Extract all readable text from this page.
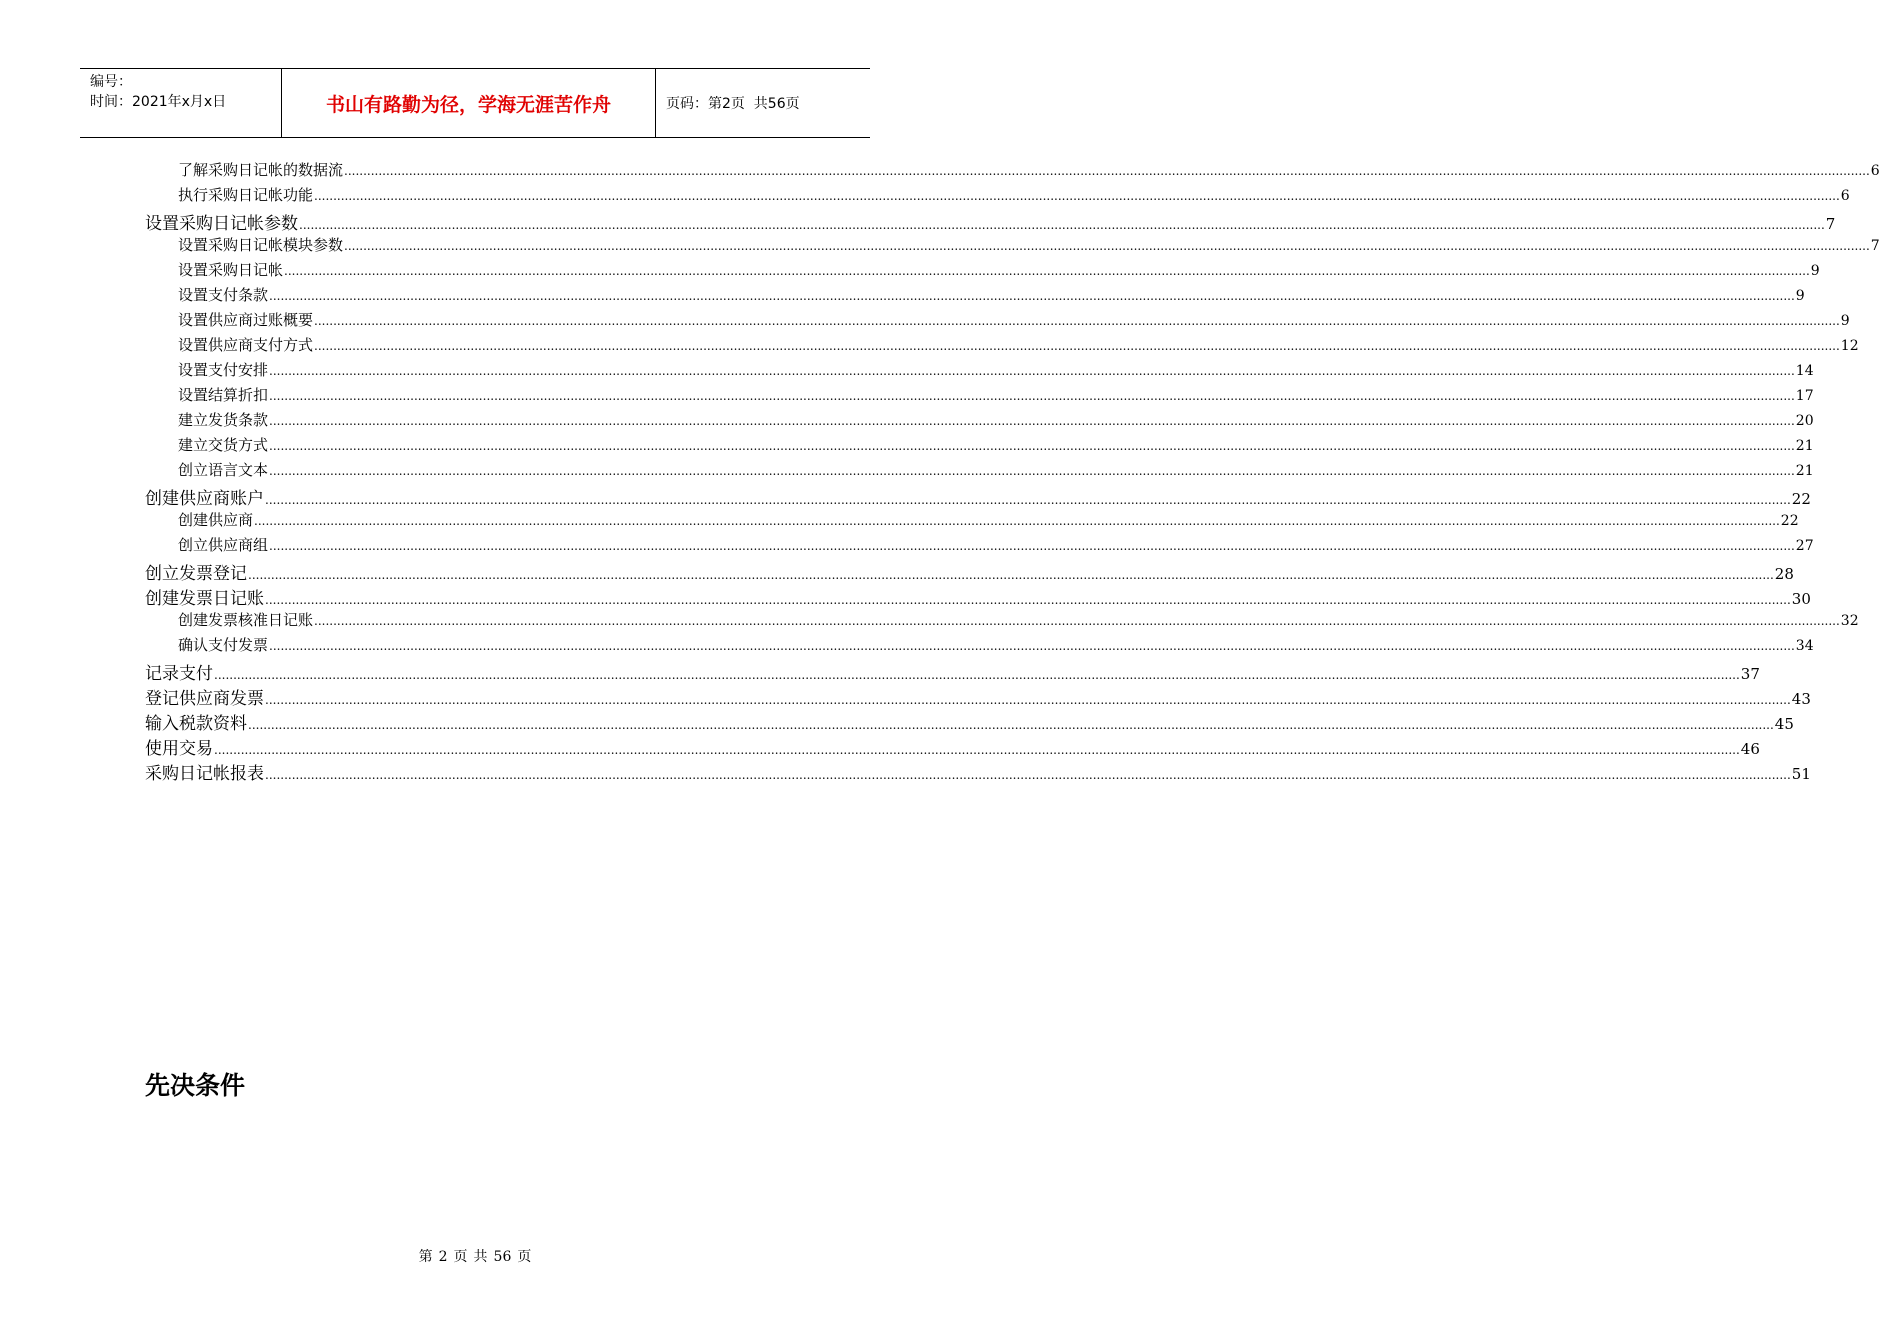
编号：
时间：2021年x月x日	书山有路勤为径，学海无涯苦作舟	页码：第2页  共56页
了解采购日记帐的数据流 ................................................................................................................................................................................................................................................................................................................................................................................................................ 6
执行采购日记帐功能 ................................................................................................................................................................................................................................................................................................................................................................................................................ 6
设置采购日记帐参数 ................................................................................................................................................................................................................................................................................................................................................................................................................ 7
设置采购日记帐模块参数 ................................................................................................................................................................................................................................................................................................................................................................................................................ 7
设置采购日记帐 ................................................................................................................................................................................................................................................................................................................................................................................................................ 9
设置支付条款 ................................................................................................................................................................................................................................................................................................................................................................................................................ 9
设置供应商过账概要 ................................................................................................................................................................................................................................................................................................................................................................................................................ 9
设置供应商支付方式 ................................................................................................................................................................................................................................................................................................................................................................................................................ 12
设置支付安排 ................................................................................................................................................................................................................................................................................................................................................................................................................ 14
设置结算折扣 ................................................................................................................................................................................................................................................................................................................................................................................................................ 17
建立发货条款 ................................................................................................................................................................................................................................................................................................................................................................................................................ 20
建立交货方式 ................................................................................................................................................................................................................................................................................................................................................................................................................ 21
创立语言文本 ................................................................................................................................................................................................................................................................................................................................................................................................................ 21
创建供应商账户 ................................................................................................................................................................................................................................................................................................................................................................................................................ 22
创建供应商 ................................................................................................................................................................................................................................................................................................................................................................................................................ 22
创立供应商组 ................................................................................................................................................................................................................................................................................................................................................................................................................ 27
创立发票登记 ................................................................................................................................................................................................................................................................................................................................................................................................................ 28
创建发票日记账 ................................................................................................................................................................................................................................................................................................................................................................................................................ 30
创建发票核准日记账 ................................................................................................................................................................................................................................................................................................................................................................................................................ 32
确认支付发票 ................................................................................................................................................................................................................................................................................................................................................................................................................ 34
记录支付 ................................................................................................................................................................................................................................................................................................................................................................................................................ 37
登记供应商发票 ................................................................................................................................................................................................................................................................................................................................................................................................................ 43
输入税款资料 ................................................................................................................................................................................................................................................................................................................................................................................................................ 45
使用交易 ................................................................................................................................................................................................................................................................................................................................................................................................................ 46
采购日记帐报表 ................................................................................................................................................................................................................................................................................................................................................................................................................ 51
先决条件
第 2 页 共 56 页
